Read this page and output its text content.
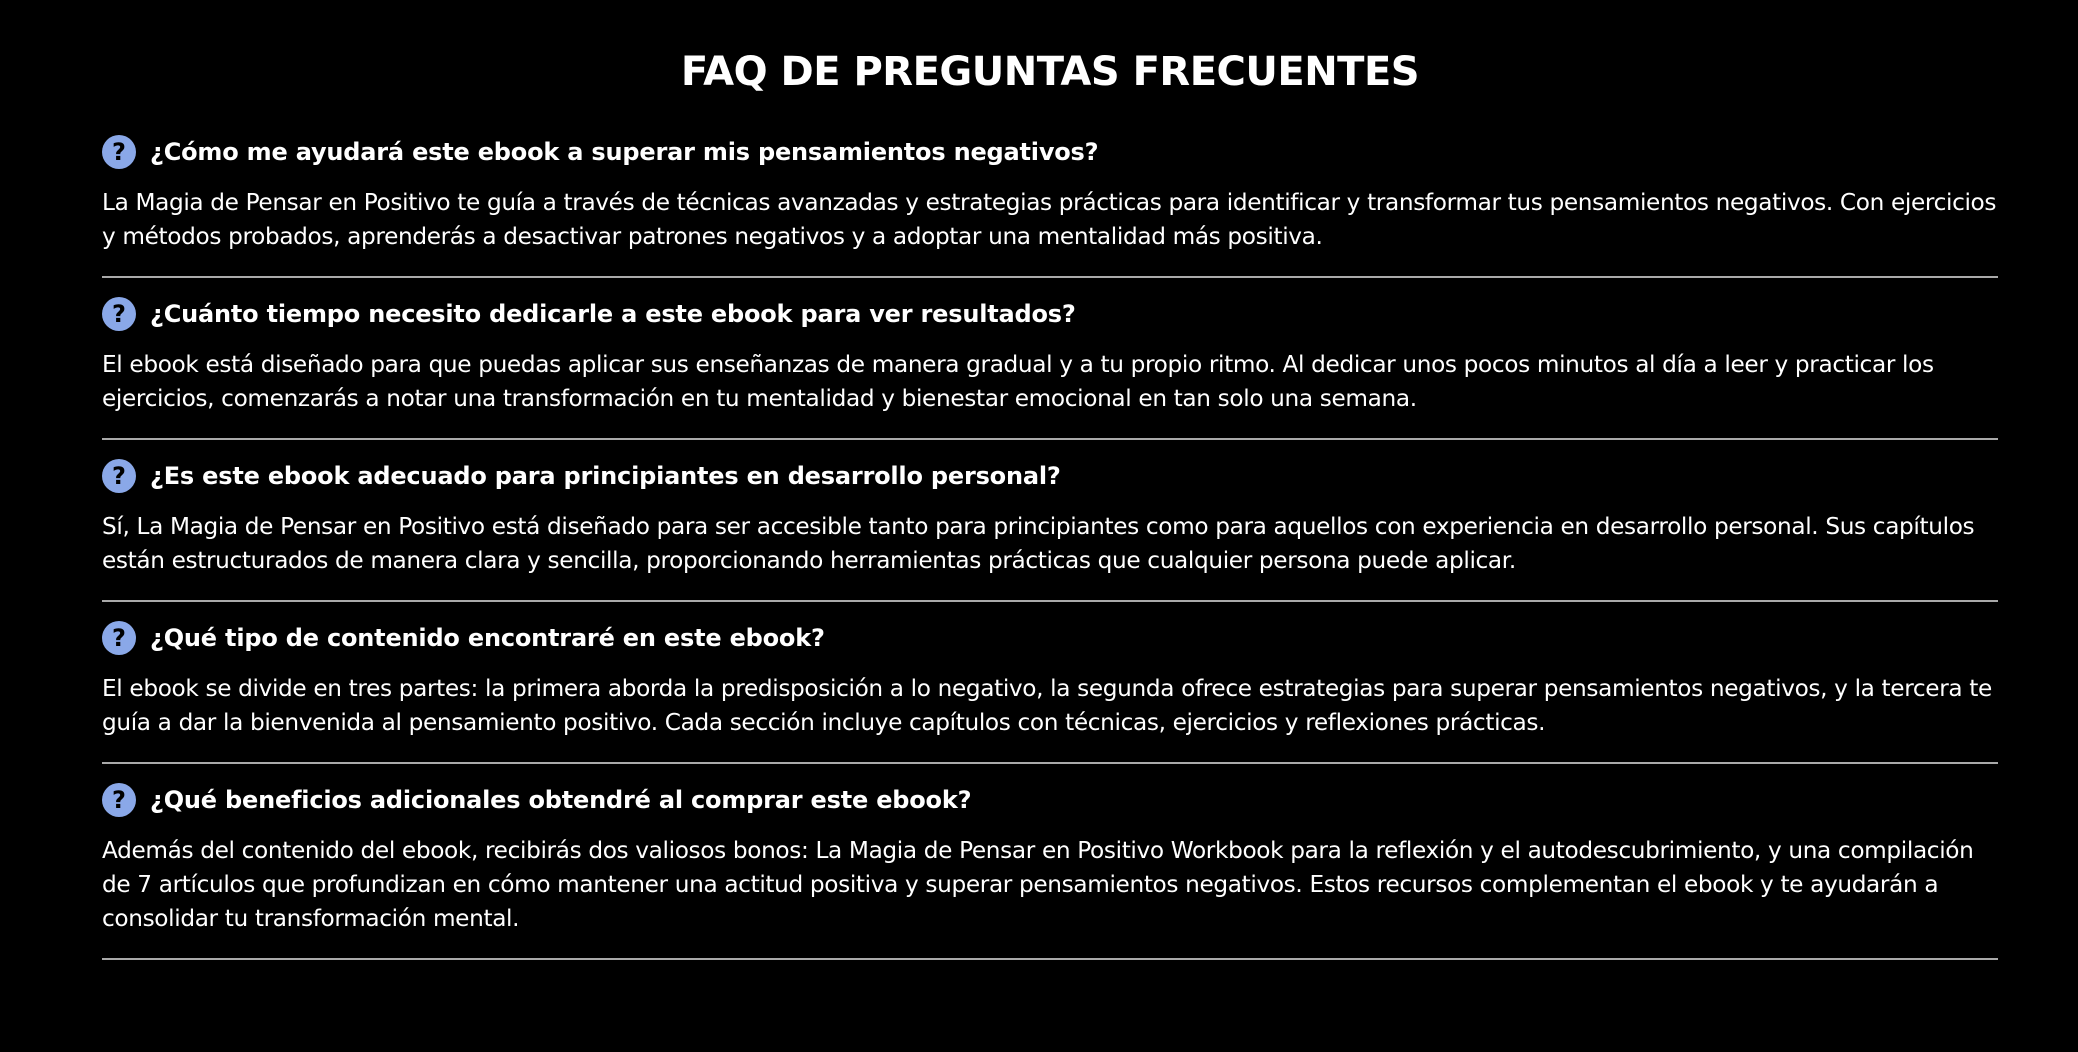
FAQ DE PREGUNTAS FRECUENTES
? ¿Cómo me ayudará este ebook a superar mis pensamientos negativos?

La Magia de Pensar en Positivo te guía a través de técnicas avanzadas y estrategias prácticas para identificar y transformar tus pensamientos negativos. Con ejercicios y métodos probados, aprenderás a desactivar patrones negativos y a adoptar una mentalidad más positiva.

? ¿Cuánto tiempo necesito dedicarle a este ebook para ver resultados?

El ebook está diseñado para que puedas aplicar sus enseñanzas de manera gradual y a tu propio ritmo. Al dedicar unos pocos minutos al día a leer y practicar los ejercicios, comenzarás a notar una transformación en tu mentalidad y bienestar emocional en tan solo una semana.

? ¿Es este ebook adecuado para principiantes en desarrollo personal?

Sí, La Magia de Pensar en Positivo está diseñado para ser accesible tanto para principiantes como para aquellos con experiencia en desarrollo personal. Sus capítulos están estructurados de manera clara y sencilla, proporcionando herramientas prácticas que cualquier persona puede aplicar.

? ¿Qué tipo de contenido encontraré en este ebook?

El ebook se divide en tres partes: la primera aborda la predisposición a lo negativo, la segunda ofrece estrategias para superar pensamientos negativos, y la tercera te guía a dar la bienvenida al pensamiento positivo. Cada sección incluye capítulos con técnicas, ejercicios y reflexiones prácticas.

? ¿Qué beneficios adicionales obtendré al comprar este ebook?

Además del contenido del ebook, recibirás dos valiosos bonos: La Magia de Pensar en Positivo Workbook para la reflexión y el autodescubrimiento, y una compilación de 7 artículos que profundizan en cómo mantener una actitud positiva y superar pensamientos negativos. Estos recursos complementan el ebook y te ayudarán a consolidar tu transformación mental.
